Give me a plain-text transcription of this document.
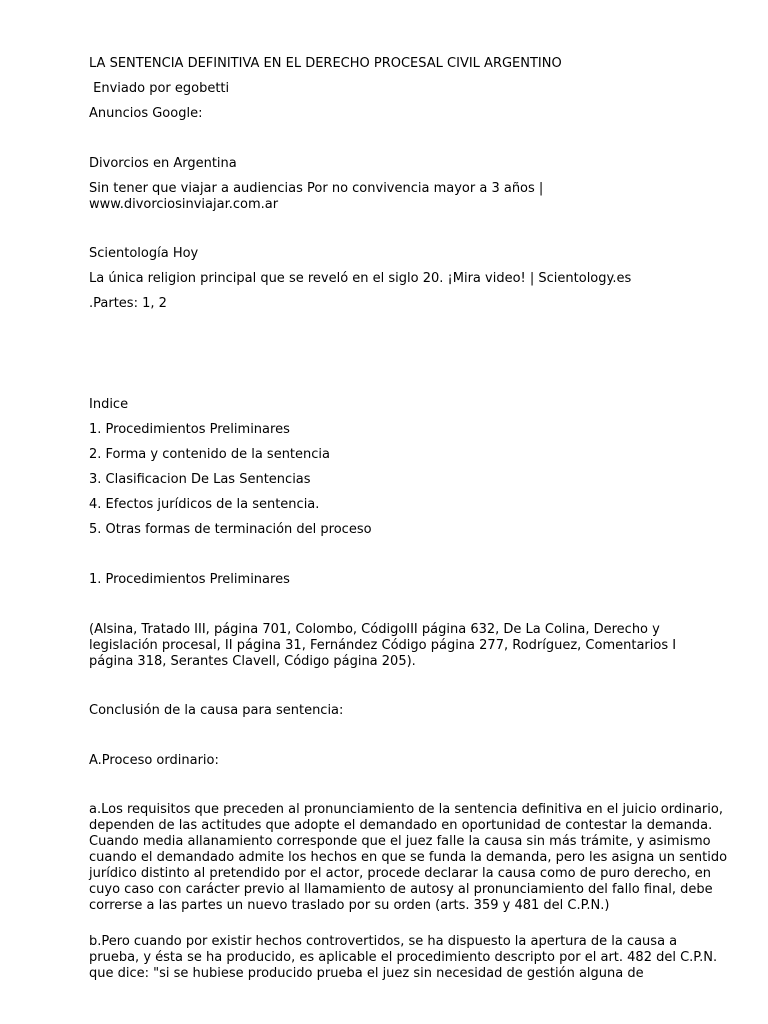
LA SENTENCIA DEFINITIVA EN EL DERECHO PROCESAL CIVIL ARGENTINO

Enviado por egobetti

Anuncios Google:

Divorcios en Argentina

Sin tener que viajar a audiencias Por no convivencia mayor a 3 años | www.divorciosinviajar.com.ar

Scientología Hoy

La única religion principal que se reveló en el siglo 20. ¡Mira video! | Scientology.es

.Partes: 1, 2

Indice

1. Procedimientos Preliminares

2. Forma y contenido de la sentencia

3. Clasificacion De Las Sentencias

4. Efectos jurídicos de la sentencia.

5. Otras formas de terminación del proceso

1. Procedimientos Preliminares

(Alsina, Tratado III, página 701, Colombo, CódigoIII página 632, De La Colina, Derecho y legislación procesal, II página 31, Fernández Código página 277, Rodríguez, Comentarios I página 318, Serantes Clavell, Código página 205).

Conclusión de la causa para sentencia:

A.Proceso ordinario:

a.Los requisitos que preceden al pronunciamiento de la sentencia definitiva en el juicio ordinario, dependen de las actitudes que adopte el demandado en oportunidad de contestar la demanda. Cuando media allanamiento corresponde que el juez falle la causa sin más trámite, y asimismo cuando el demandado admite los hechos en que se funda la demanda, pero les asigna un sentido jurídico distinto al pretendido por el actor, procede declarar la causa como de puro derecho, en cuyo caso con carácter previo al llamamiento de autosy al pronunciamiento del fallo final, debe correrse a las partes un nuevo traslado por su orden (arts. 359 y 481 del C.P.N.)

b.Pero cuando por existir hechos controvertidos, se ha dispuesto la apertura de la causa a prueba, y ésta se ha producido, es aplicable el procedimiento descripto por el art. 482 del C.P.N. que dice: "si se hubiese producido prueba el juez sin necesidad de gestión alguna de
